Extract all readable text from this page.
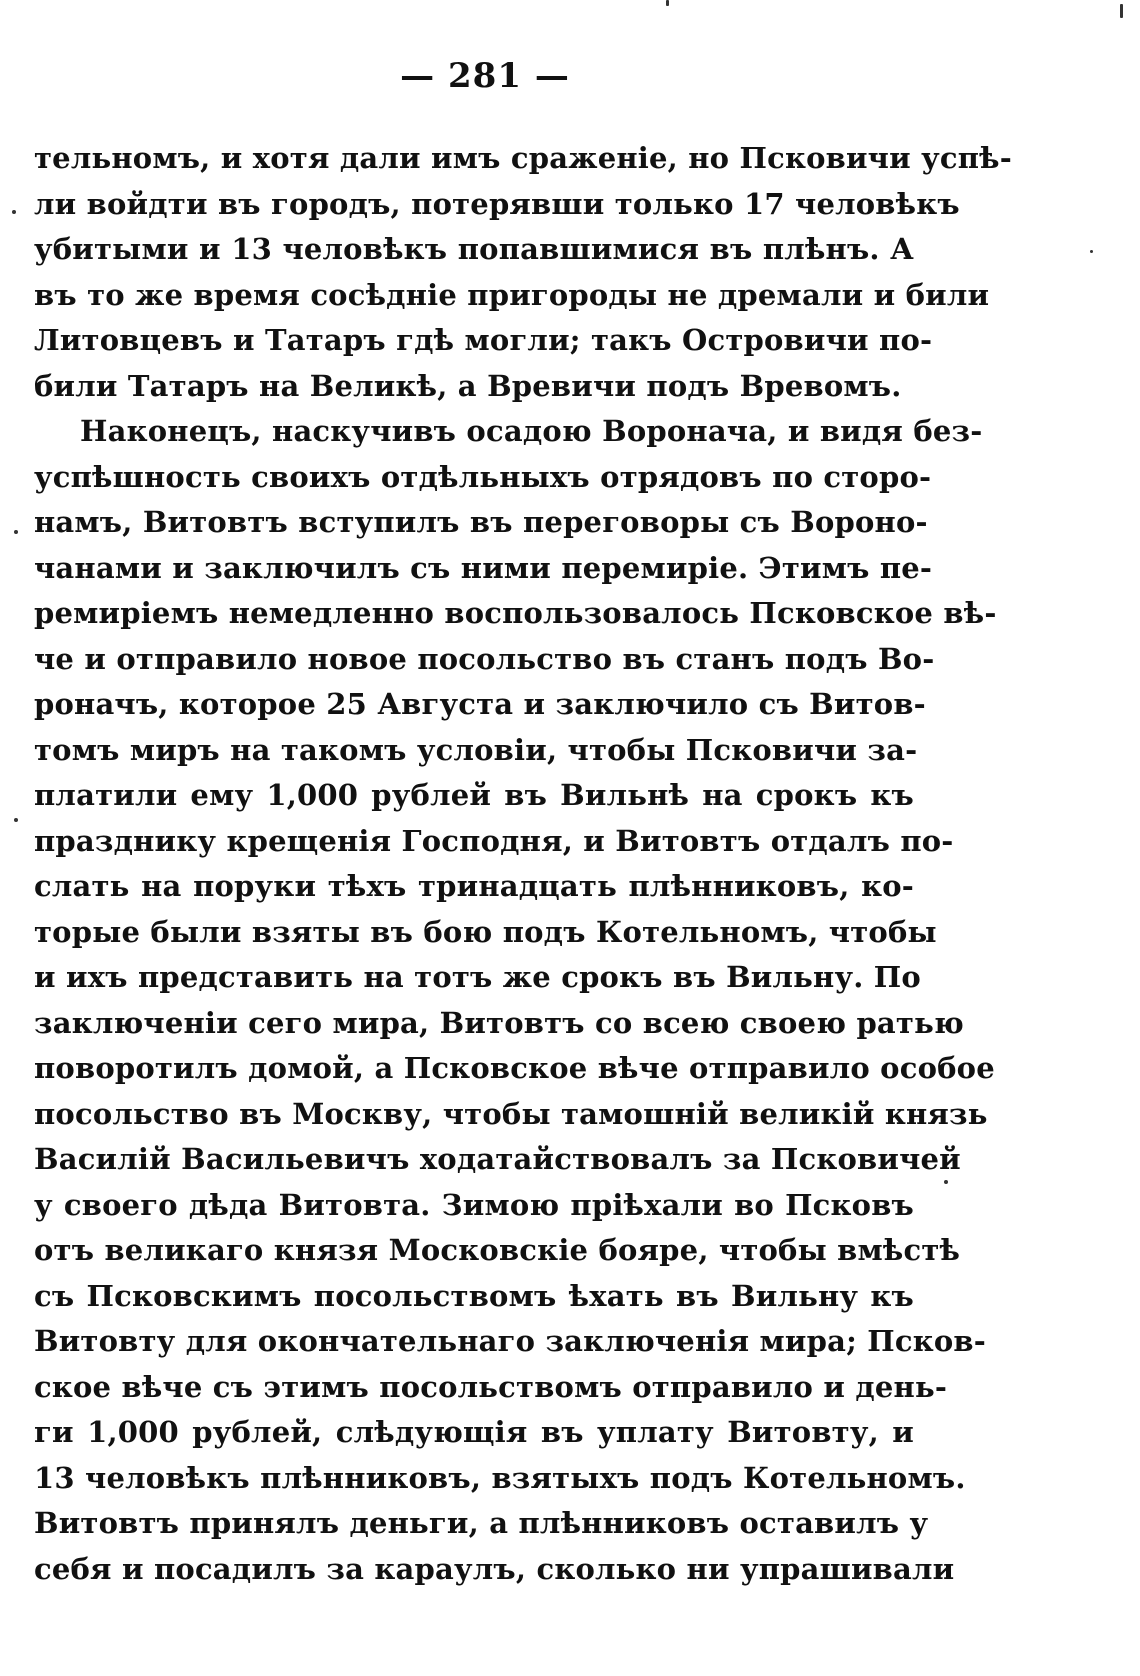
— 281 —
тельномъ, и хотя дали имъ сраженіе, но Псковичи успѣ-
ли войдти въ городъ, потерявши только 17 человѣкъ
убитыми и 13 человѣкъ попавшимися въ плѣнъ. А
въ то же время сосѣдніе пригороды не дремали и били
Литовцевъ и Татаръ гдѣ могли; такъ Островичи по-
били Татаръ на Великѣ, а Вревичи подъ Вревомъ.
Наконецъ, наскучивъ осадою Воронача, и видя без-
успѣшность своихъ отдѣльныхъ отрядовъ по сторо-
намъ, Витовтъ вступилъ въ переговоры съ Вороно-
чанами и заключилъ съ ними перемиріе. Этимъ пе-
ремиріемъ немедленно воспользовалось Псковское вѣ-
че и отправило новое посольство въ станъ подъ Во-
роначъ, которое 25 Августа и заключило съ Витов-
томъ миръ на такомъ условіи, чтобы Псковичи за-
платили ему 1,000 рублей въ Вильнѣ на срокъ къ
празднику крещенія Господня, и Витовтъ отдалъ по-
слать на поруки тѣхъ тринадцать плѣнниковъ, ко-
торые были взяты въ бою подъ Котельномъ, чтобы
и ихъ представить на тотъ же срокъ въ Вильну. По
заключеніи сего мира, Витовтъ со всею своею ратью
поворотилъ домой, а Псковское вѣче отправило особое
посольство въ Москву, чтобы тамошній великій князь
Василій Васильевичъ ходатайствовалъ за Псковичей
у своего дѣда Витовта. Зимою пріѣхали во Псковъ
отъ великаго князя Московскіе бояре, чтобы вмѣстѣ
съ Псковскимъ посольствомъ ѣхать въ Вильну къ
Витовту для окончательнаго заключенія мира; Псков-
ское вѣче съ этимъ посольствомъ отправило и день-
ги 1,000 рублей, слѣдующія въ уплату Витовту, и
13 человѣкъ плѣнниковъ, взятыхъ подъ Котельномъ.
Витовтъ принялъ деньги, а плѣнниковъ оставилъ у
себя и посадилъ за караулъ, сколько ни упрашивали
